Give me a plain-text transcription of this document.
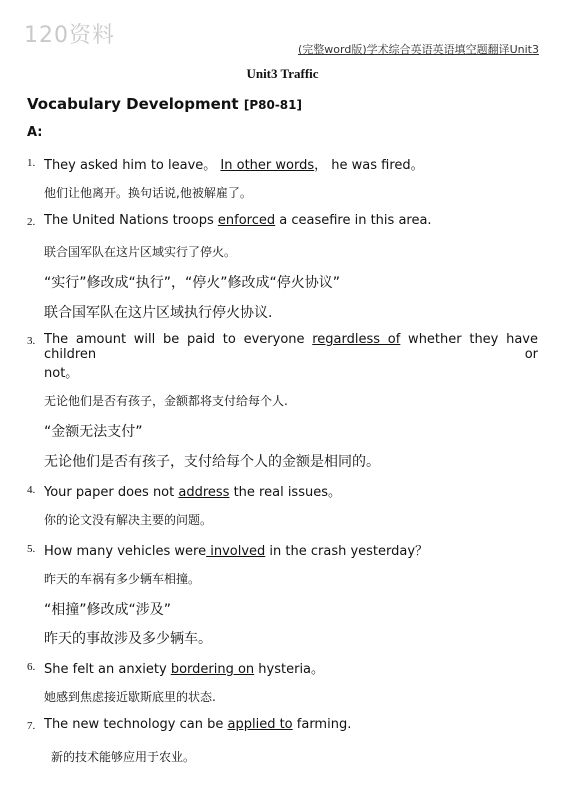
120资料
(完整word版)学术综合英语英语填空题翻译Unit3
Unit3 Traffic
Vocabulary Development [P80-81]
A:
1. They asked him to leave。 In other words， he was fired。
他们让他离开。换句话说,他被解雇了。
2. The United Nations troops enforced a ceasefire in this area.
联合国军队在这片区域实行了停火。
“实行”修改成“执行”，“停火”修改成“停火协议”
联合国军队在这片区域执行停火协议.
3. The amount will be paid to everyone regardless of whether they have children or
not。
无论他们是否有孩子，金额都将支付给每个人.
“金额无法支付”
无论他们是否有孩子，支付给每个人的金额是相同的。
4. Your paper does not address the real issues。
你的论文没有解决主要的问题。
5. How many vehicles were involved in the crash yesterday？
昨天的车祸有多少辆车相撞。
“相撞”修改成“涉及”
昨天的事故涉及多少辆车。
6. She felt an anxiety bordering on hysteria。
她感到焦虑接近歇斯底里的状态.
7. The new technology can be applied to farming.
新的技术能够应用于农业。
